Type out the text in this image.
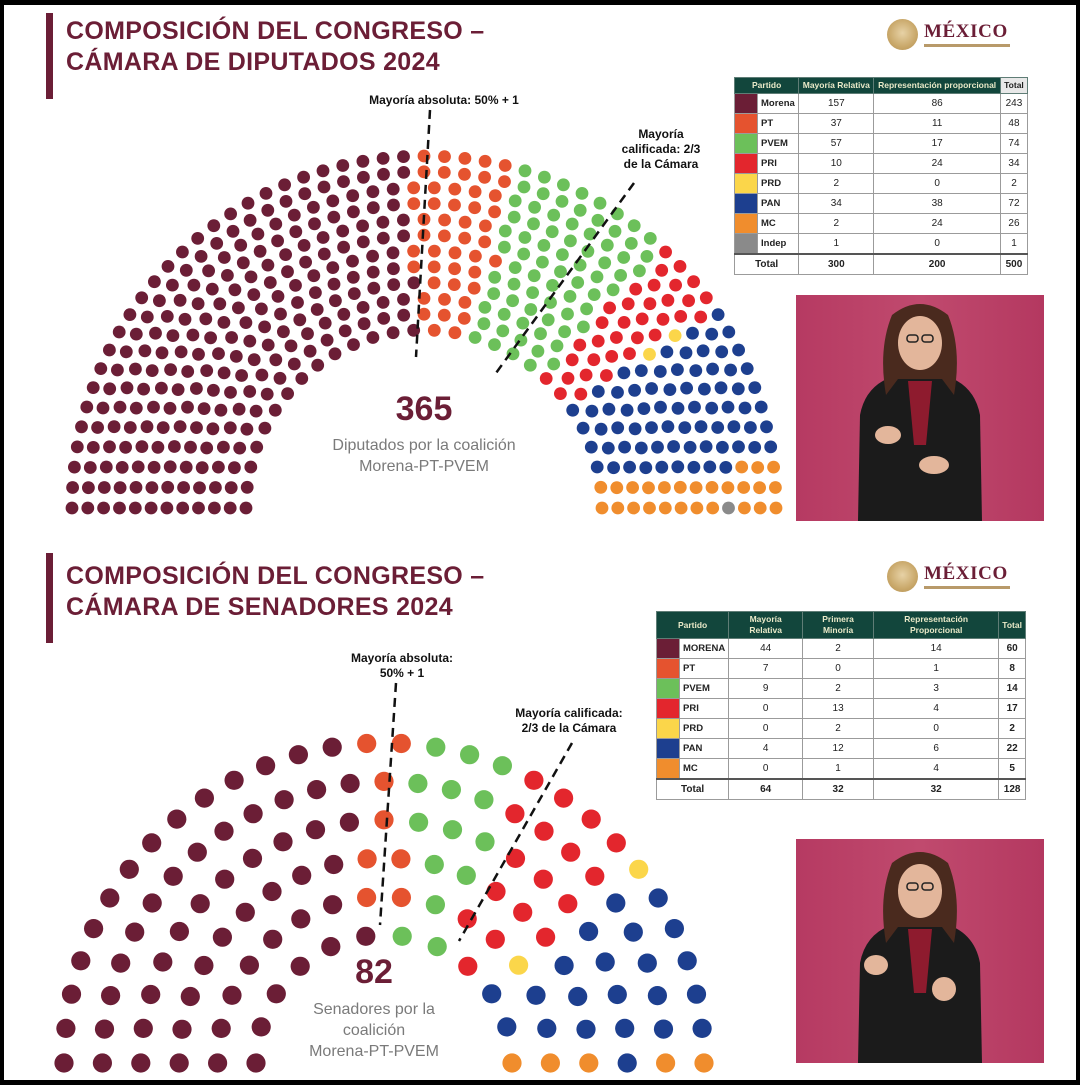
COMPOSICIÓN DEL CONGRESO –
CÁMARA DE DIPUTADOS 2024
MÉXICO
Mayoría absoluta: 50% + 1
Mayoría
calificada: 2/3
de la Cámara
365
Diputados por la coalición
Morena-PT-PVEM
Partido		Mayoría Relativa	Representación proporcional	Total
	Morena	157	86	243
	PT	37	11	48
	PVEM	57	17	74
	PRI	10	24	34
	PRD	2	0	2
	PAN	34	38	72
	MC	2	24	26
	Indep	1	0	1
Total		300	200	500
COMPOSICIÓN DEL CONGRESO –
CÁMARA DE SENADORES 2024
MÉXICO
Mayoría absoluta:
50% + 1
Mayoría calificada:
2/3 de la Cámara
82
Senadores por la
coalición
Morena-PT-PVEM
Partido		Mayoría Relativa	Primera Minoría	Representación Proporcional	Total
	MORENA	44	2	14	60
	PT	7	0	1	8
	PVEM	9	2	3	14
	PRI	0	13	4	17
	PRD	0	2	0	2
	PAN	4	12	6	22
	MC	0	1	4	5
Total		64	32	32	128
